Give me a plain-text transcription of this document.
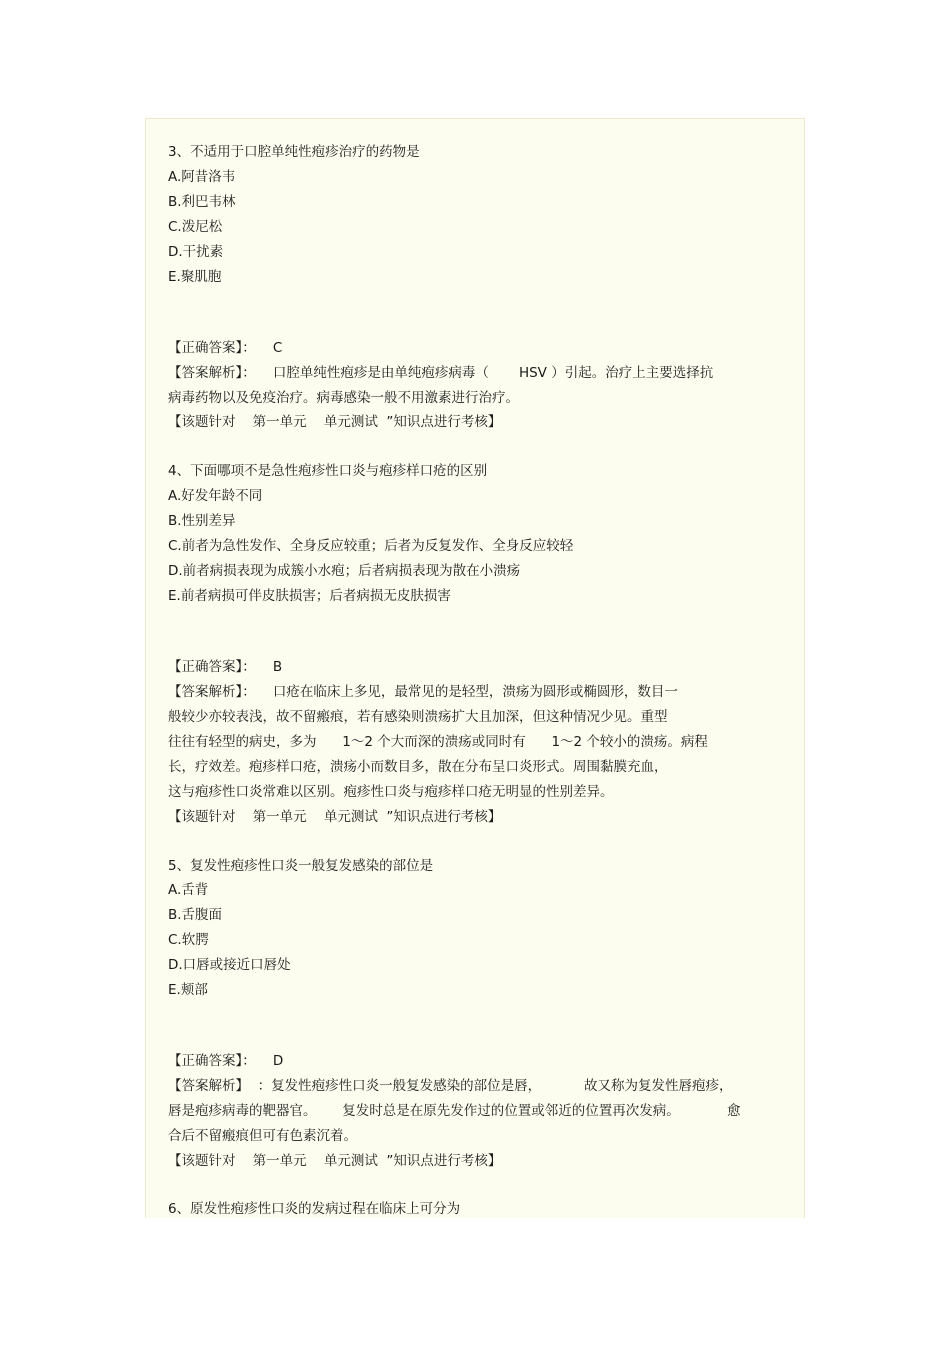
3、不适用于口腔单纯性疱疹治疗的药物是
A.阿昔洛韦
B.利巴韦林
C.泼尼松
D.干扰素
E.聚肌胞
【正确答案】：    C
【答案解析】：    口腔单纯性疱疹是由单纯疱疹病毒（       HSV ）引起。治疗上主要选择抗
病毒药物以及免疫治疗。病毒感染一般不用激素进行治疗。
【该题针对    第一单元    单元测试  ”知识点进行考核】
4、下面哪项不是急性疱疹性口炎与疱疹样口疮的区别
A.好发年龄不同
B.性别差异
C.前者为急性发作、全身反应较重；后者为反复发作、全身反应较轻
D.前者病损表现为成簇小水疱；后者病损表现为散在小溃疡
E.前者病损可伴皮肤损害；后者病损无皮肤损害
【正确答案】：    B
【答案解析】：    口疮在临床上多见，最常见的是轻型，溃疡为圆形或椭圆形，数目一
般较少亦较表浅，故不留瘢痕，若有感染则溃疡扩大且加深，但这种情况少见。重型
往往有轻型的病史，多为      1～2 个大而深的溃疡或同时有      1～2 个较小的溃疡。病程
长，疗效差。疱疹样口疮，溃疡小而数目多，散在分布呈口炎形式。周围黏膜充血，
这与疱疹性口炎常难以区别。疱疹性口炎与疱疹样口疮无明显的性别差异。
【该题针对    第一单元    单元测试  ”知识点进行考核】
5、复发性疱疹性口炎一般复发感染的部位是
A.舌背
B.舌腹面
C.软腭
D.口唇或接近口唇处
E.颊部
【正确答案】：    D
【答案解析】  ：复发性疱疹性口炎一般复发感染的部位是唇，          故又称为复发性唇疱疹，
唇是疱疹病毒的靶器官。      复发时总是在原先发作过的位置或邻近的位置再次发病。           愈
合后不留瘢痕但可有色素沉着。
【该题针对    第一单元    单元测试  ”知识点进行考核】
6、原发性疱疹性口炎的发病过程在临床上可分为
